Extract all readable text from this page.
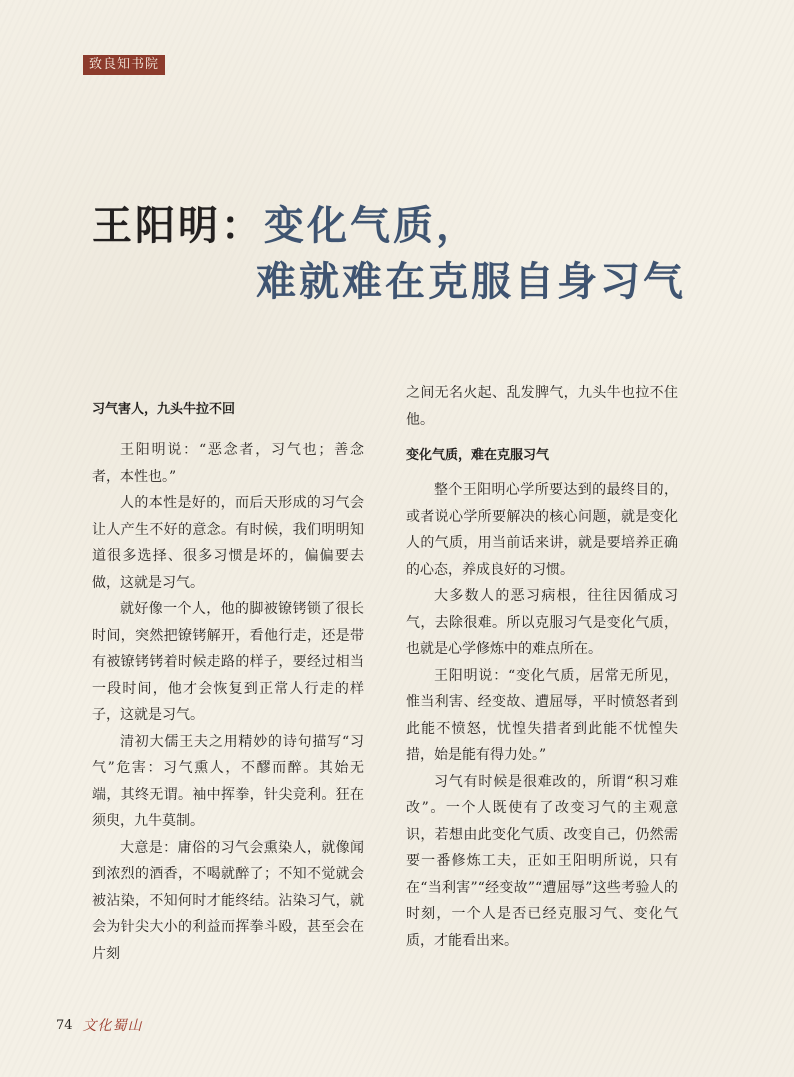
致良知书院
王阳明：变化气质，
难就难在克服自身习气
习气害人，九头牛拉不回

王阳明说：“恶念者，习气也；善念者，本性也。”

人的本性是好的，而后天形成的习气会让人产生不好的意念。有时候，我们明明知道很多选择、很多习惯是坏的，偏偏要去做，这就是习气。

就好像一个人，他的脚被镣铐锁了很长时间，突然把镣铐解开，看他行走，还是带有被镣铐铐着时候走路的样子，要经过相当一段时间，他才会恢复到正常人行走的样子，这就是习气。

清初大儒王夫之用精妙的诗句描写“习气”危害：习气熏人，不醪而醉。其始无端，其终无谓。袖中挥拳，针尖竞利。狂在须臾，九牛莫制。

大意是：庸俗的习气会熏染人，就像闻到浓烈的酒香，不喝就醉了；不知不觉就会被沾染，不知何时才能终结。沾染习气，就会为针尖大小的利益而挥拳斗殴，甚至会在片刻

之间无名火起、乱发脾气，九头牛也拉不住他。

变化气质，难在克服习气

整个王阳明心学所要达到的最终目的，或者说心学所要解决的核心问题，就是变化人的气质，用当前话来讲，就是要培养正确的心态，养成良好的习惯。

大多数人的恶习病根，往往因循成习气，去除很难。所以克服习气是变化气质，也就是心学修炼中的难点所在。

王阳明说：“变化气质，居常无所见，惟当利害、经变故、遭屈辱，平时愤怒者到此能不愤怒，忧惶失措者到此能不忧惶失措，始是能有得力处。”

习气有时候是很难改的，所谓“积习难改”。一个人既使有了改变习气的主观意识，若想由此变化气质、改变自己，仍然需要一番修炼工夫，正如王阳明所说，只有在“当利害”“经变故”“遭屈辱”这些考验人的时刻，一个人是否已经克服习气、变化气质，才能看出来。

74 文化蜀山
